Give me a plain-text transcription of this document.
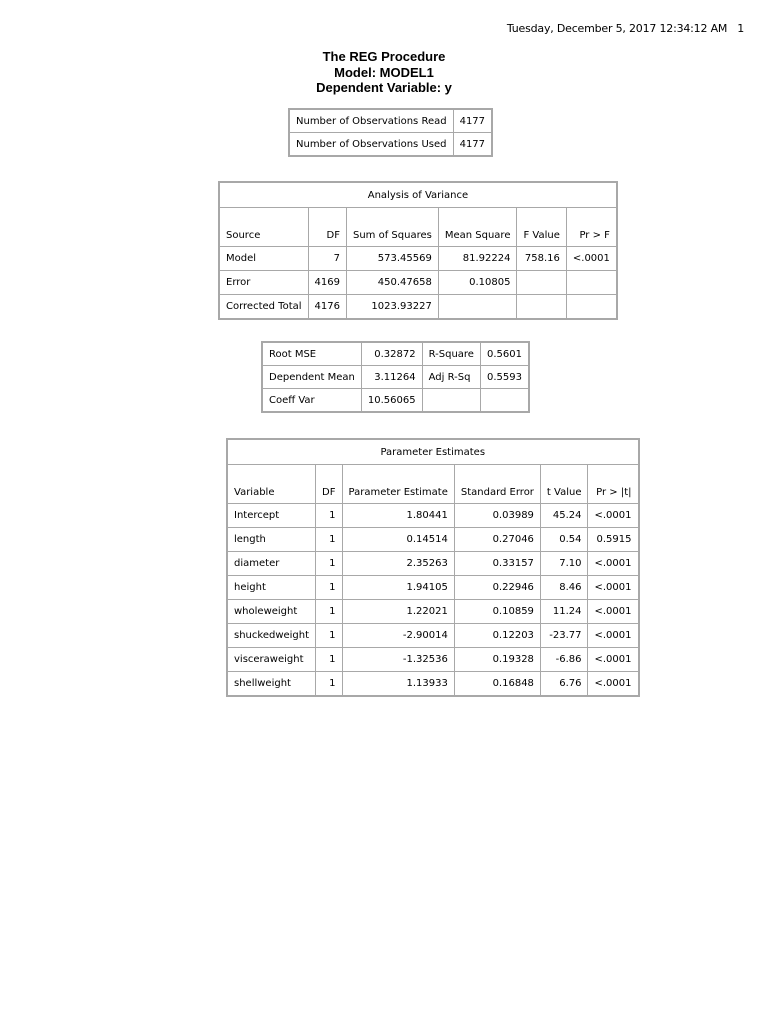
Tuesday, December 5, 2017 12:34:12 AM 1
The REG Procedure
Model: MODEL1
Dependent Variable: y
Number of Observations Read	4177
Number of Observations Used	4177
Analysis of Variance					
Source	DF	Sum of Squares	Mean Square	F Value	Pr > F
Model	7	573.45569	81.92224	758.16	<.0001
Error	4169	450.47658	0.10805		
Corrected Total	4176	1023.93227			
Root MSE	0.32872	R-Square	0.5601
Dependent Mean	3.11264	Adj R-Sq	0.5593
Coeff Var	10.56065		
Parameter Estimates					
Variable	DF	Parameter Estimate	Standard Error	t Value	Pr > |t|
Intercept	1	1.80441	0.03989	45.24	<.0001
length	1	0.14514	0.27046	0.54	0.5915
diameter	1	2.35263	0.33157	7.10	<.0001
height	1	1.94105	0.22946	8.46	<.0001
wholeweight	1	1.22021	0.10859	11.24	<.0001
shuckedweight	1	-2.90014	0.12203	-23.77	<.0001
visceraweight	1	-1.32536	0.19328	-6.86	<.0001
shellweight	1	1.13933	0.16848	6.76	<.0001
